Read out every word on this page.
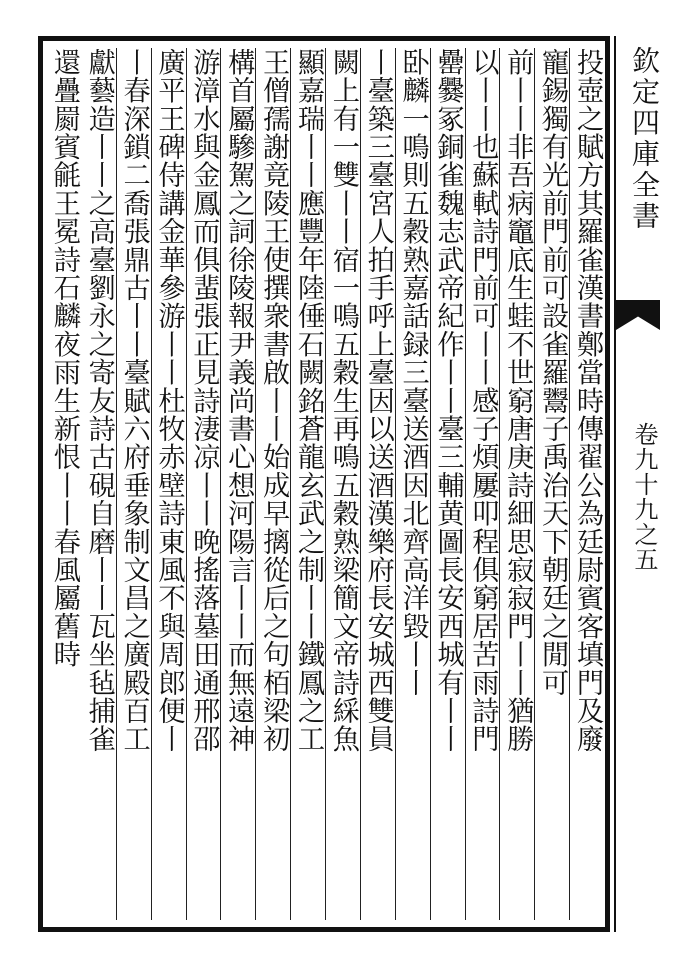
欽定四庫全書
卷九十九之五
投壺之賦方其羅雀漢書鄭當時傳翟公為廷尉賓客填門及廢
寵錫獨有光前門前可設雀羅鬻子禹治天下朝廷之閒可
前丨丨非吾病竈底生蛙不世窮唐庚詩細思寂寂門丨丨猶勝
以丨丨也蘇軾詩門前可丨丨感子煩屢叩程俱窮居苦雨詩門
罍爨冢銅雀魏志武帝紀作丨丨臺三輔黄圖長安西城有丨丨
卧麟一鳴則五穀熟嘉話録三臺送酒因北齊高洋毀丨丨
丨臺築三臺宮人拍手呼上臺因以送酒漢樂府長安城西雙員
闕上有一雙丨丨宿一鳴五穀生再鳴五穀熟梁簡文帝詩綵魚
顯嘉瑞丨丨應豐年陸倕石闕銘蒼龍玄武之制丨丨鐵鳳之工
王僧孺謝竟陵王使撰衆書啟丨丨始成早摛從后之句栢梁初
構首屬驂駕之詞徐陵報尹義尚書心想河陽言丨丨而無遠神
游漳水與金鳳而俱蜚張正見詩淒凉丨丨晚搖落墓田通邢邵
廣平王碑侍講金華參游丨丨杜牧赤壁詩東風不與周郎便丨
丨春深鎖二喬張鼎古丨丨臺賦六府垂象制文昌之廣殿百工
獻藝造丨丨之高臺劉永之寄友詩古硯自磨丨丨瓦坐毡捕雀
還疊罽賓毹王冕詩石麟夜雨生新恨丨丨春風屬舊時
